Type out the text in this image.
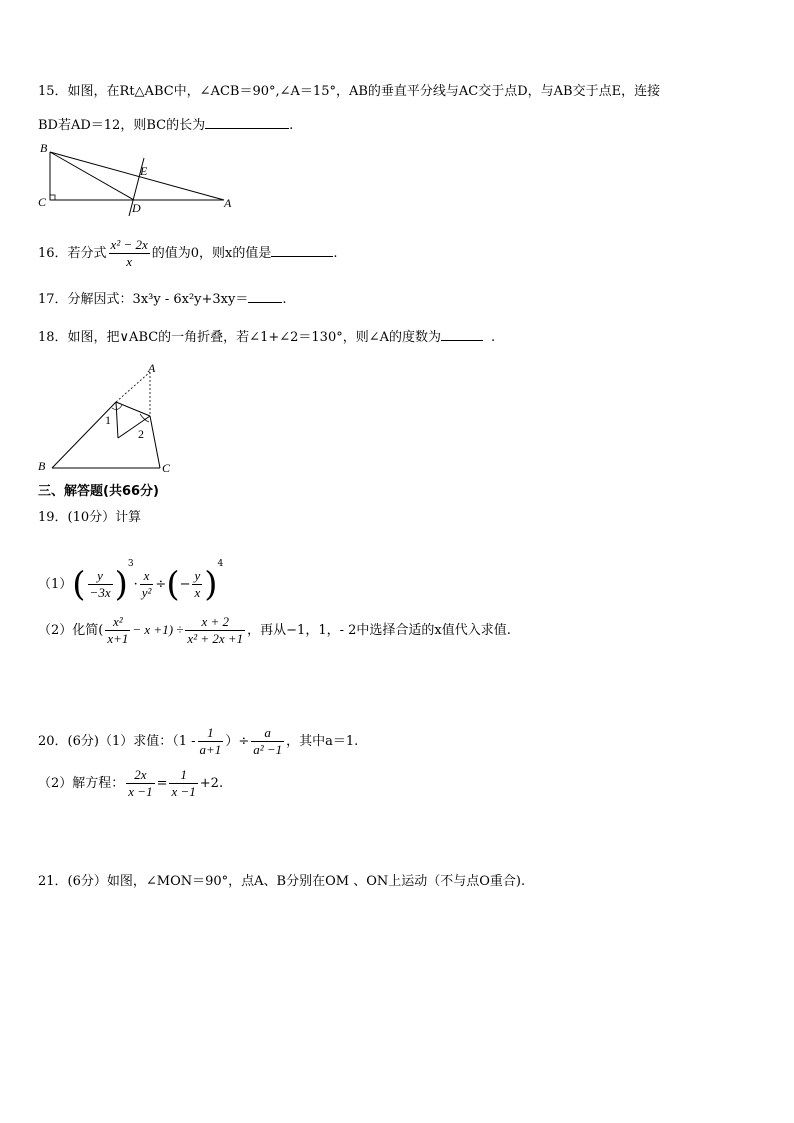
15．如图，在Rt△ABC中，∠ACB＝90°,∠A＝15°，AB的垂直平分线与AC交于点D，与AB交于点E，连接
BD若AD＝12，则BC的长为	.
B
C	D
E
A
16．若分式 $\frac{\text{x² − 2x}}{x}$ 的值为0，则x的值是	.
17．分解因式：3x³y - 6x²y+3xy＝	.
18．如图，把∨ABC的一角折叠，若∠1+∠2＝130°，则∠A的度数为	.
A
B	C
1
2
三、解答题(共66分)
19．(10分）计算
$(1)( \frac{y}{-3x} )^3\cdot \frac{x}{\text{y²}}$ ÷(− $\frac{y}{x} )^4$
（2）化简( $\frac{\text{x²}}{x+1} - x +1) \div \frac{x + 2}{\text{x² + 2x +1}}$ ，再从−1，1，- 2中选择合适的x值代入求值.
20．(6分)（1）求值：（$1 - \frac{1}{a+1}$ ）÷ $\frac{a}{\text{a² −1}}$ ，其中a＝1.
（2）解方程： $\frac{2x}{x -1} = \frac{1}{x -1} +2$.
21．(6分）如图，∠MON＝90°，点A、B分别在OM 、ON上运动（不与点O重合).
